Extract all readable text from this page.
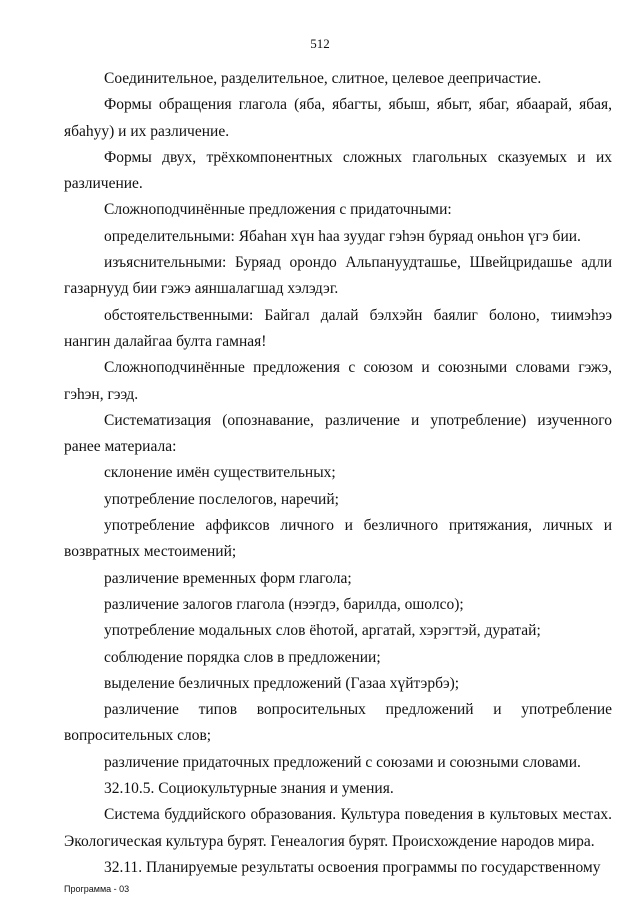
512

Соединительное, разделительное, слитное, целевое деепричастие.

Формы обращения глагола (яба, ябагты, ябыш, ябыт, ябаг, ябаарай, ябая, ябаһуу) и их различение.

Формы двух, трёхкомпонентных сложных глагольных сказуемых и их различение.

Сложноподчинённые предложения с придаточными:

определительными: Ябаһан хүн һаа зуудаг гэһэн буряад оньһон үгэ бии.

изъяснительными: Буряад орондо Альпануудташье, Швейцридашье адли газарнууд бии гэжэ аяншалагшад хэлэдэг.

обстоятельственными: Байгал далай бэлхэйн баялиг болоно, тиимэһээ нангин далайгаа булта гамная!

Сложноподчинённые предложения с союзом и союзными словами гэжэ, гэһэн, гээд.

Систематизация (опознавание, различение и употребление) изученного ранее материала:

склонение имён существительных;

употребление послелогов, наречий;

употребление аффиксов личного и безличного притяжания, личных и возвратных местоимений;

различение временных форм глагола;

различение залогов глагола (нээгдэ, барилда, ошолсо);

употребление модальных слов ёһотой, аргатай, хэрэгтэй, дуратай;

соблюдение порядка слов в предложении;

выделение безличных предложений (Газаа хүйтэрбэ);

различение типов вопросительных предложений и употребление вопросительных слов;

различение придаточных предложений с союзами и союзными словами.

32.10.5. Социокультурные знания и умения.

Система буддийского образования. Культура поведения в культовых местах. Экологическая культура бурят. Генеалогия бурят. Происхождение народов мира.

32.11. Планируемые результаты освоения программы по государственному

Программа - 03
